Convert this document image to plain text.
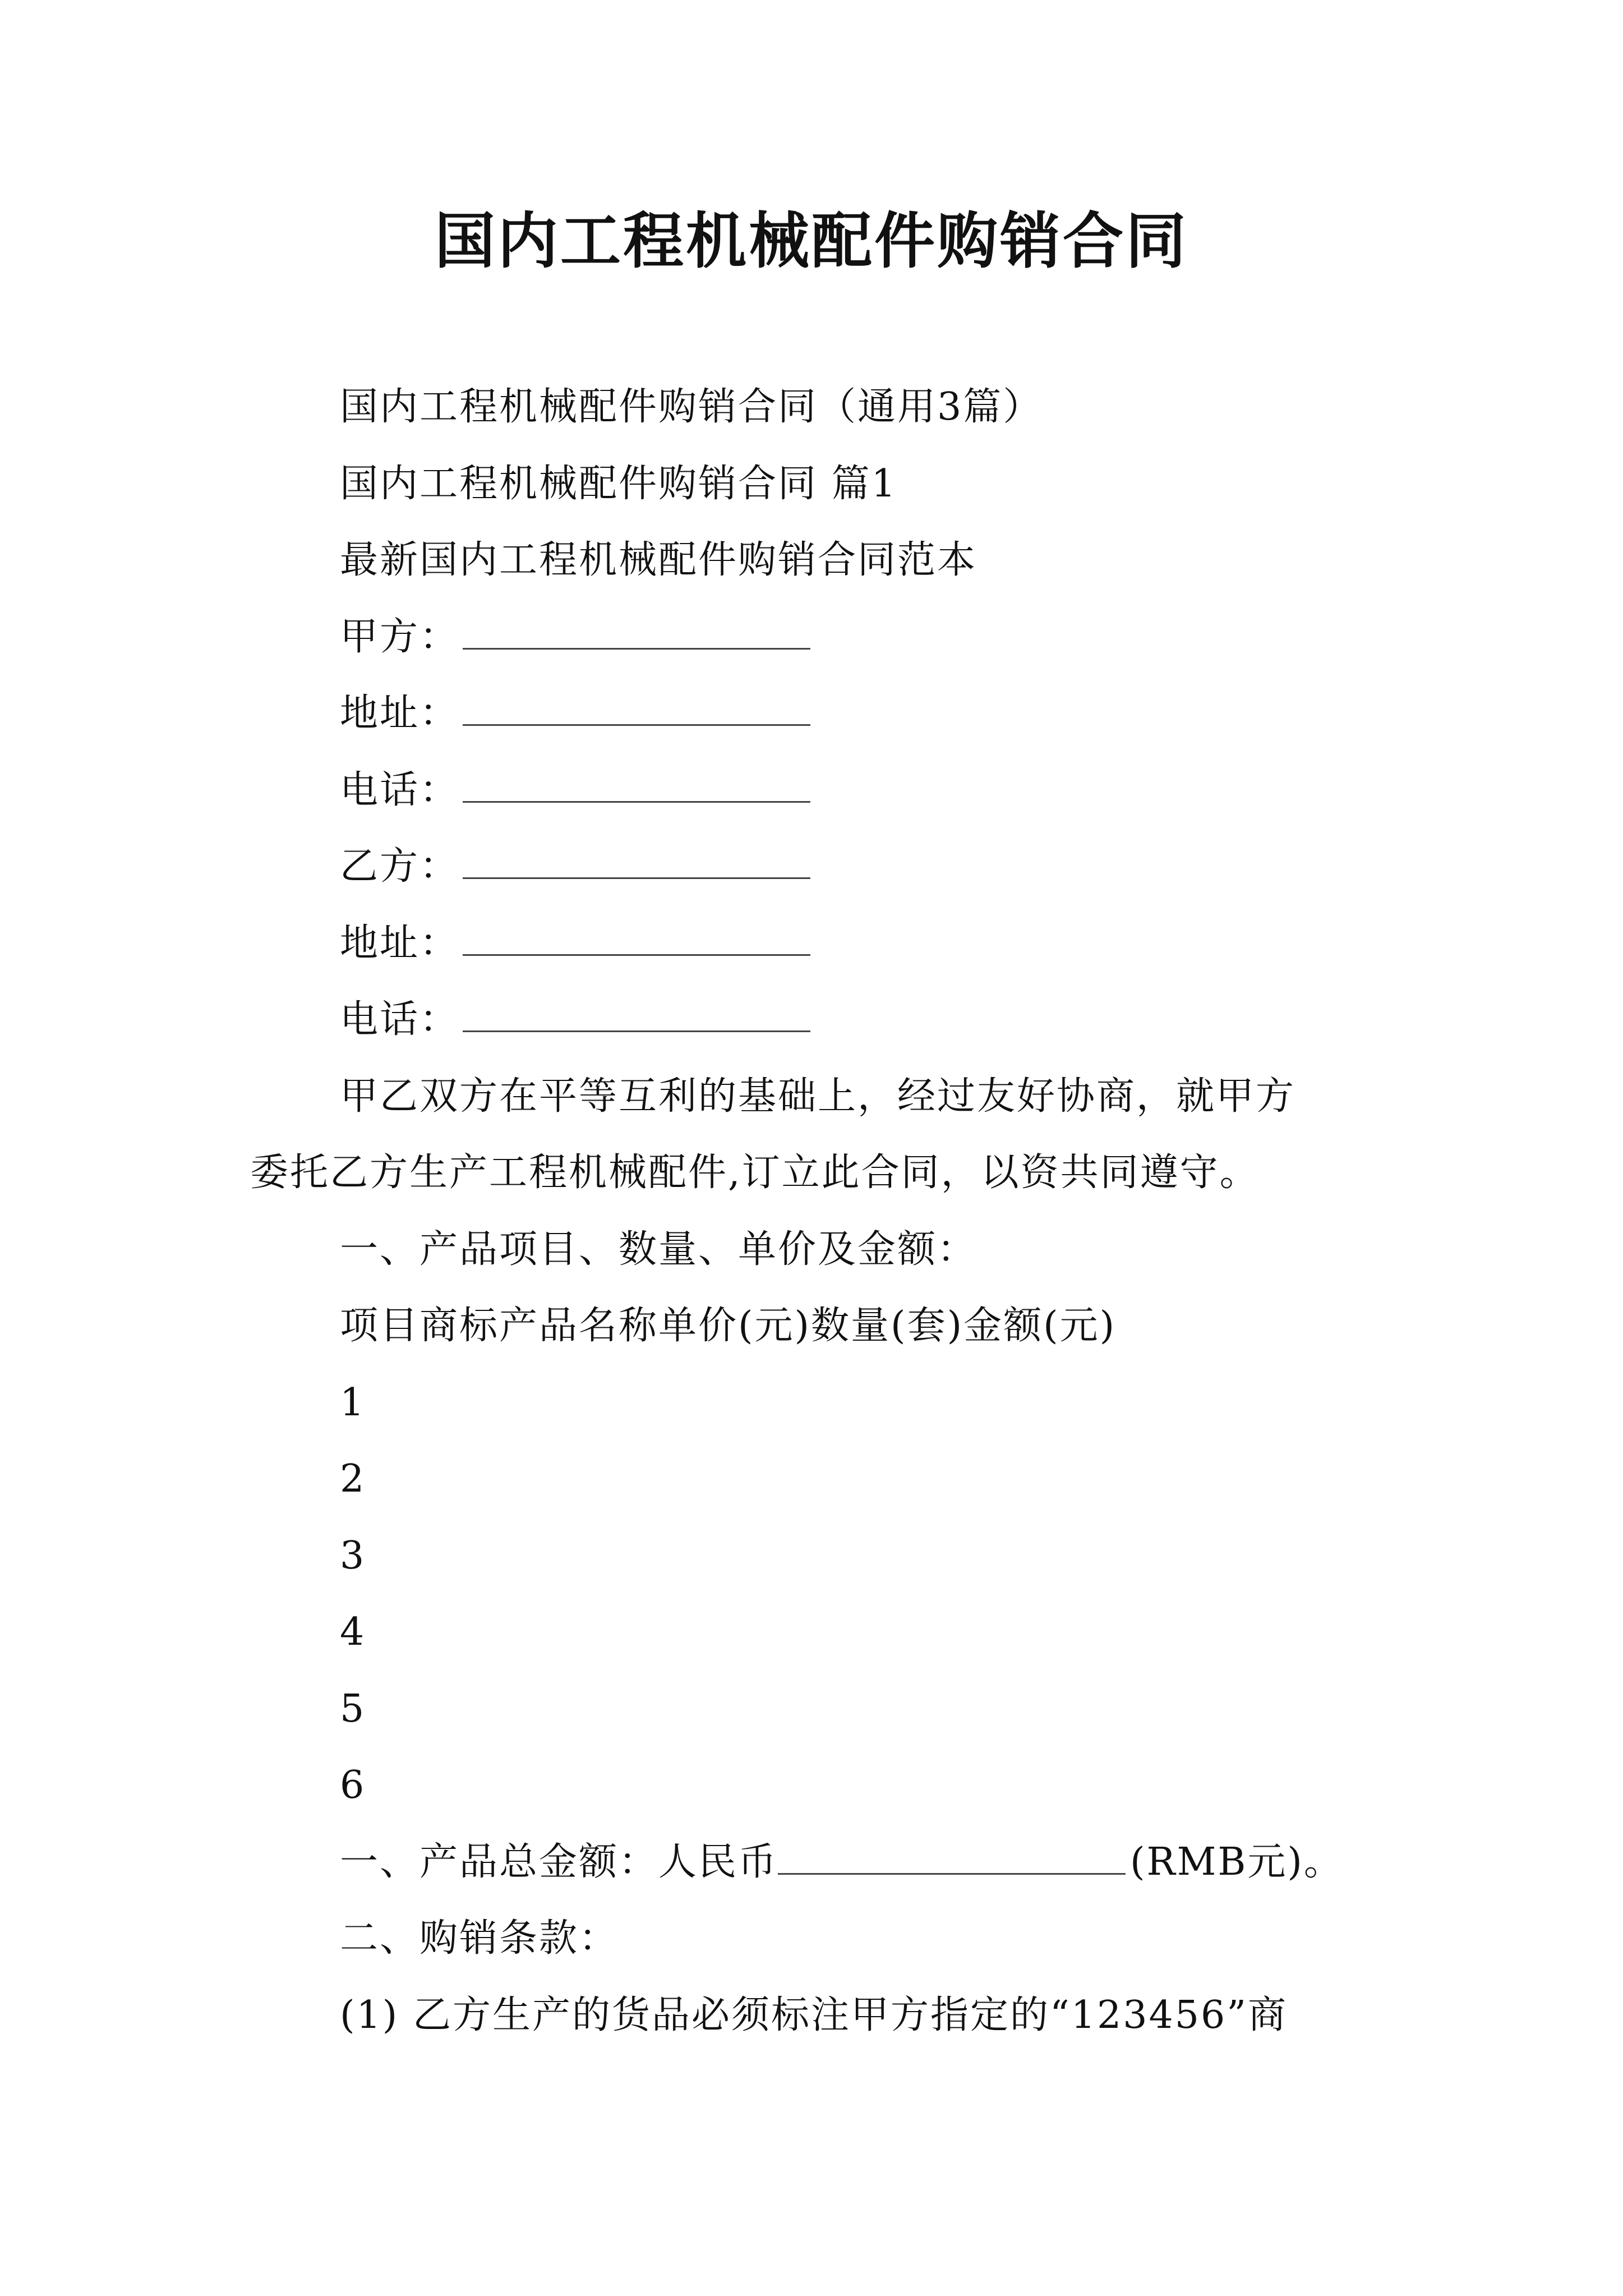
国内工程机械配件购销合同
国内工程机械配件购销合同（通用3篇）
国内工程机械配件购销合同 篇1
最新国内工程机械配件购销合同范本
甲方：
地址：
电话：
乙方：
地址：
电话：
甲乙双方在平等互利的基础上，经过友好协商，就甲方
委托乙方生产工程机械配件,订立此合同，以资共同遵守。
一、产品项目、数量、单价及金额：
项目商标产品名称单价(元)数量(套)金额(元)
1
2
3
4
5
6
一、产品总金额：人民币	(RMB元)。
二、购销条款：
(1) 乙方生产的货品必须标注甲方指定的“123456”商
